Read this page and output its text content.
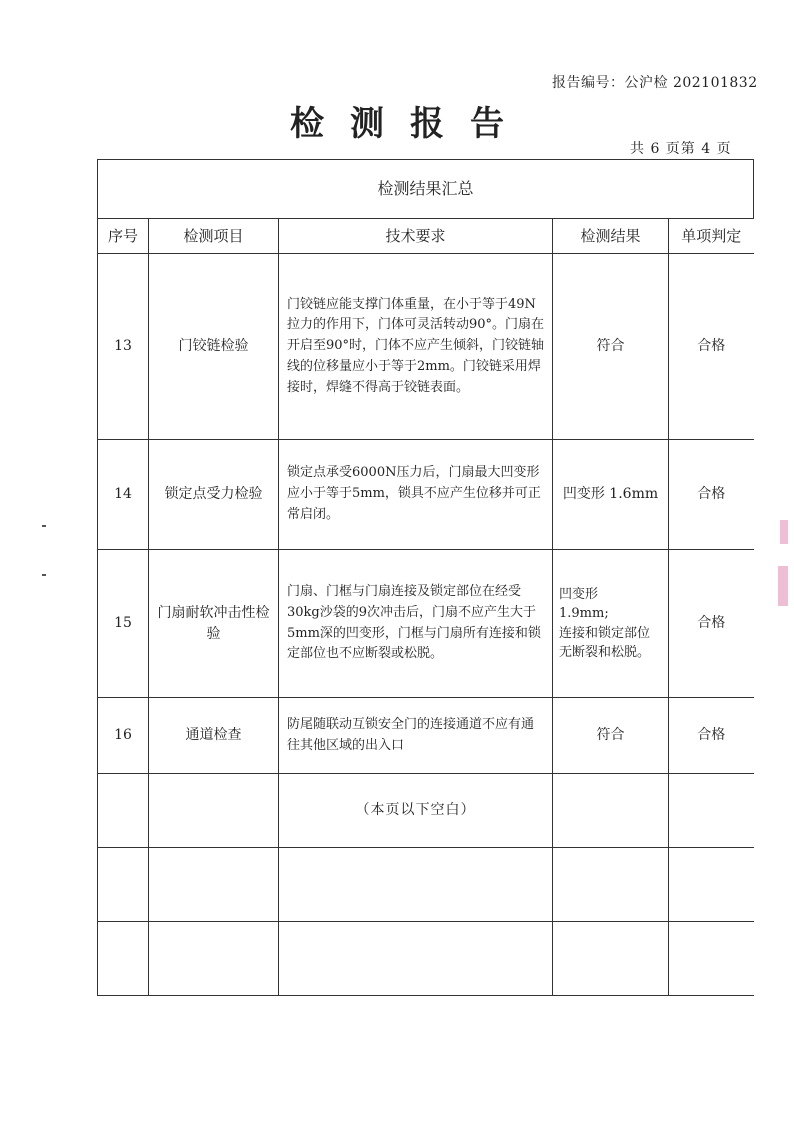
报告编号：公沪检 202101832
检测报告
共 6 页第 4 页
检测结果汇总				
序号	检测项目	技术要求	检测结果	单项判定
13	门铰链检验	门铰链应能支撑门体重量，在小于等于49N拉力的作用下，门体可灵活转动90°。门扇在开启至90°时，门体不应产生倾斜，门铰链轴线的位移量应小于等于2mm。门铰链采用焊接时，焊缝不得高于铰链表面。	符合	合格
14	锁定点受力检验	锁定点承受6000N压力后，门扇最大凹变形应小于等于5mm，锁具不应产生位移并可正常启闭。	凹变形 1.6mm	合格
15	门扇耐软冲击性检验	门扇、门框与门扇连接及锁定部位在经受30kg沙袋的9次冲击后，门扇不应产生大于5mm深的凹变形，门框与门扇所有连接和锁定部位也不应断裂或松脱。	凹变形
1.9mm;
连接和锁定部位无断裂和松脱。	合格
16	通道检查	防尾随联动互锁安全门的连接通道不应有通往其他区域的出入口	符合	合格
		（本页以下空白）		
